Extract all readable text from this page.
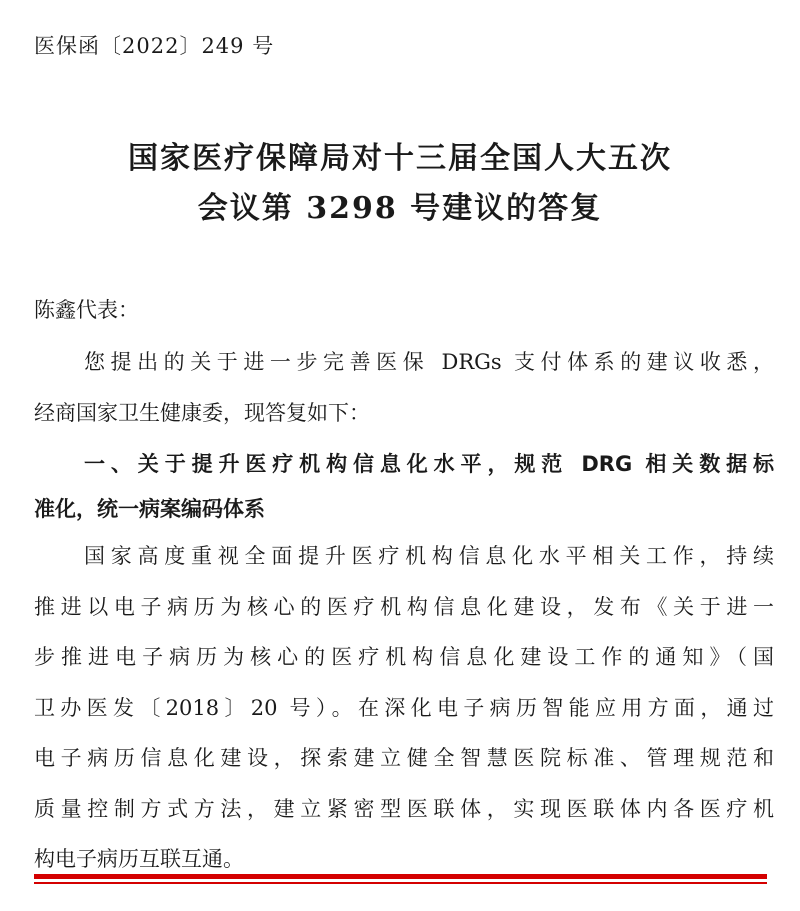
医保函〔2022〕249 号
国家医疗保障局对十三届全国人大五次
会议第 3298 号建议的答复
陈鑫代表：
您提出的关于进一步完善医保 DRGs 支付体系的建议收悉，
经商国家卫生健康委，现答复如下：
一、关于提升医疗机构信息化水平，规范 DRG 相关数据标
准化，统一病案编码体系
国家高度重视全面提升医疗机构信息化水平相关工作，持续
推进以电子病历为核心的医疗机构信息化建设，发布《关于进一
步推进电子病历为核心的医疗机构信息化建设工作的通知》（国
卫办医发〔2018〕20 号）。在深化电子病历智能应用方面，通过
电子病历信息化建设，探索建立健全智慧医院标准、管理规范和
质量控制方式方法，建立紧密型医联体，实现医联体内各医疗机
构电子病历互联互通。
